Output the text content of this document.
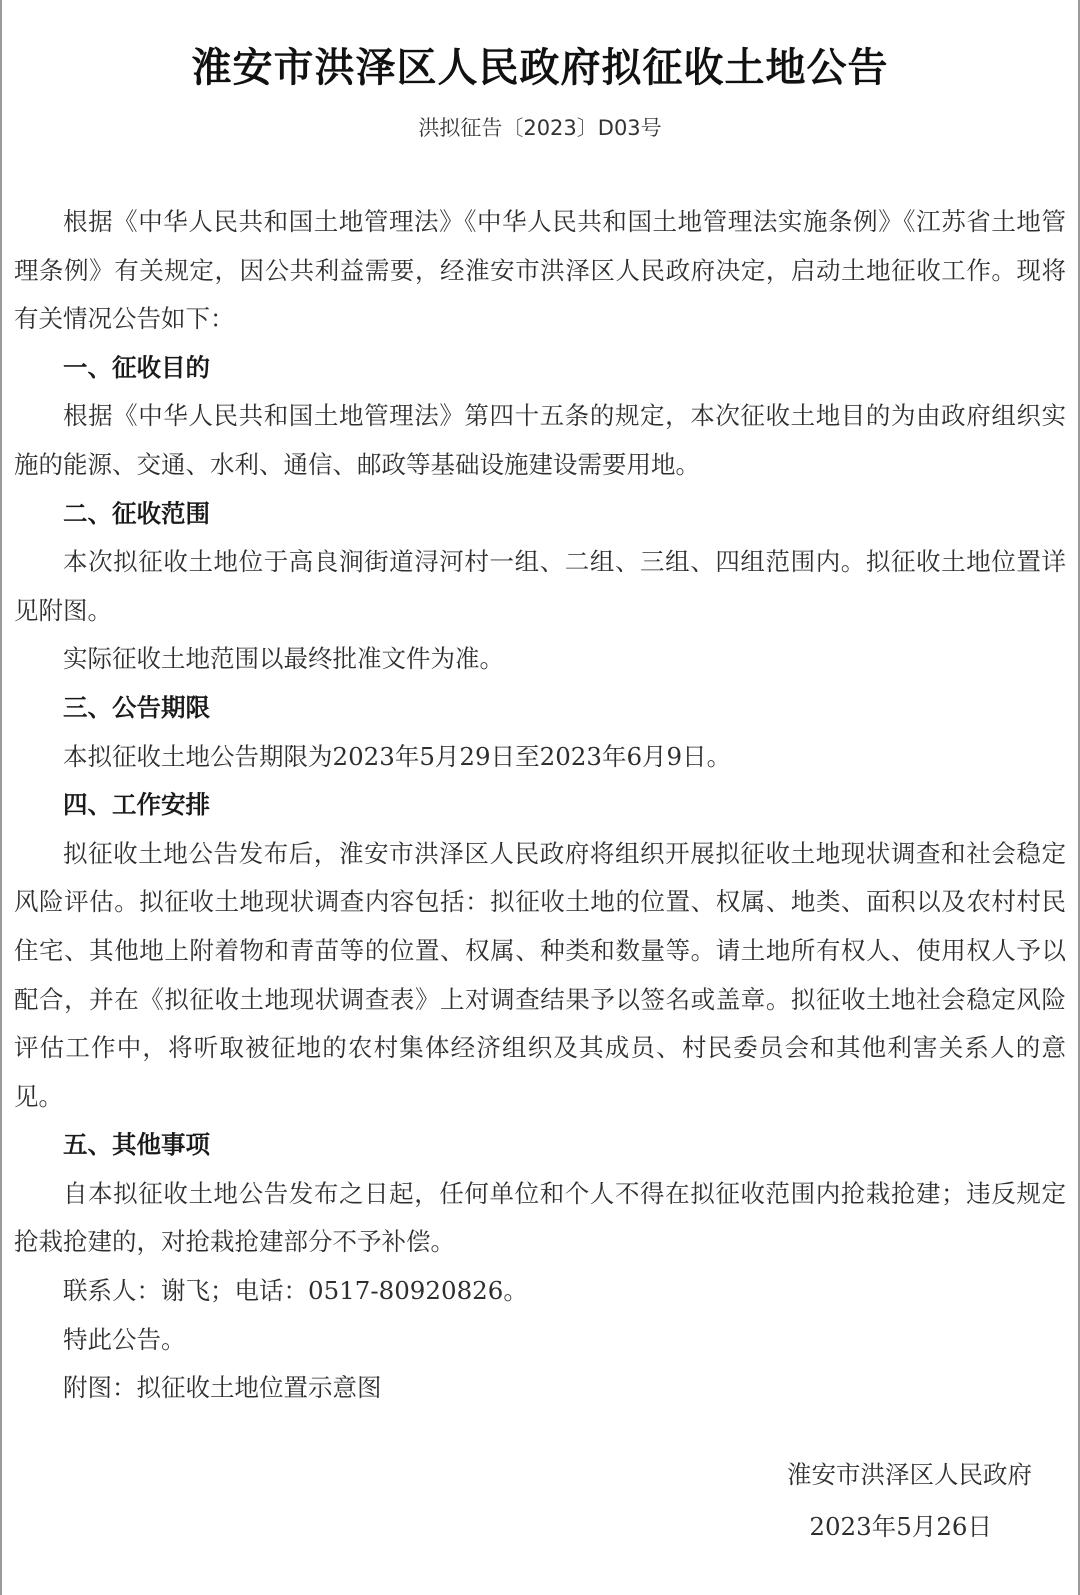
淮安市洪泽区人民政府拟征收土地公告
洪拟征告〔2023〕D03号

根据《中华人民共和国土地管理法》《中华人民共和国土地管理法实施条例》《江苏省土地管理条例》有关规定，因公共利益需要，经淮安市洪泽区人民政府决定，启动土地征收工作。现将有关情况公告如下：

一、征收目的

根据《中华人民共和国土地管理法》第四十五条的规定，本次征收土地目的为由政府组织实施的能源、交通、水利、通信、邮政等基础设施建设需要用地。

二、征收范围

本次拟征收土地位于高良涧街道浔河村一组、二组、三组、四组范围内。拟征收土地位置详见附图。

实际征收土地范围以最终批准文件为准。

三、公告期限

本拟征收土地公告期限为2023年5月29日至2023年6月9日。

四、工作安排

拟征收土地公告发布后，淮安市洪泽区人民政府将组织开展拟征收土地现状调查和社会稳定风险评估。拟征收土地现状调查内容包括：拟征收土地的位置、权属、地类、面积以及农村村民住宅、其他地上附着物和青苗等的位置、权属、种类和数量等。请土地所有权人、使用权人予以配合，并在《拟征收土地现状调查表》上对调查结果予以签名或盖章。拟征收土地社会稳定风险评估工作中，将听取被征地的农村集体经济组织及其成员、村民委员会和其他利害关系人的意见。

五、其他事项

自本拟征收土地公告发布之日起，任何单位和个人不得在拟征收范围内抢栽抢建；违反规定抢栽抢建的，对抢栽抢建部分不予补偿。

联系人：谢飞；电话：0517-80920826。

特此公告。

附图：拟征收土地位置示意图

淮安市洪泽区人民政府
2023年5月26日
